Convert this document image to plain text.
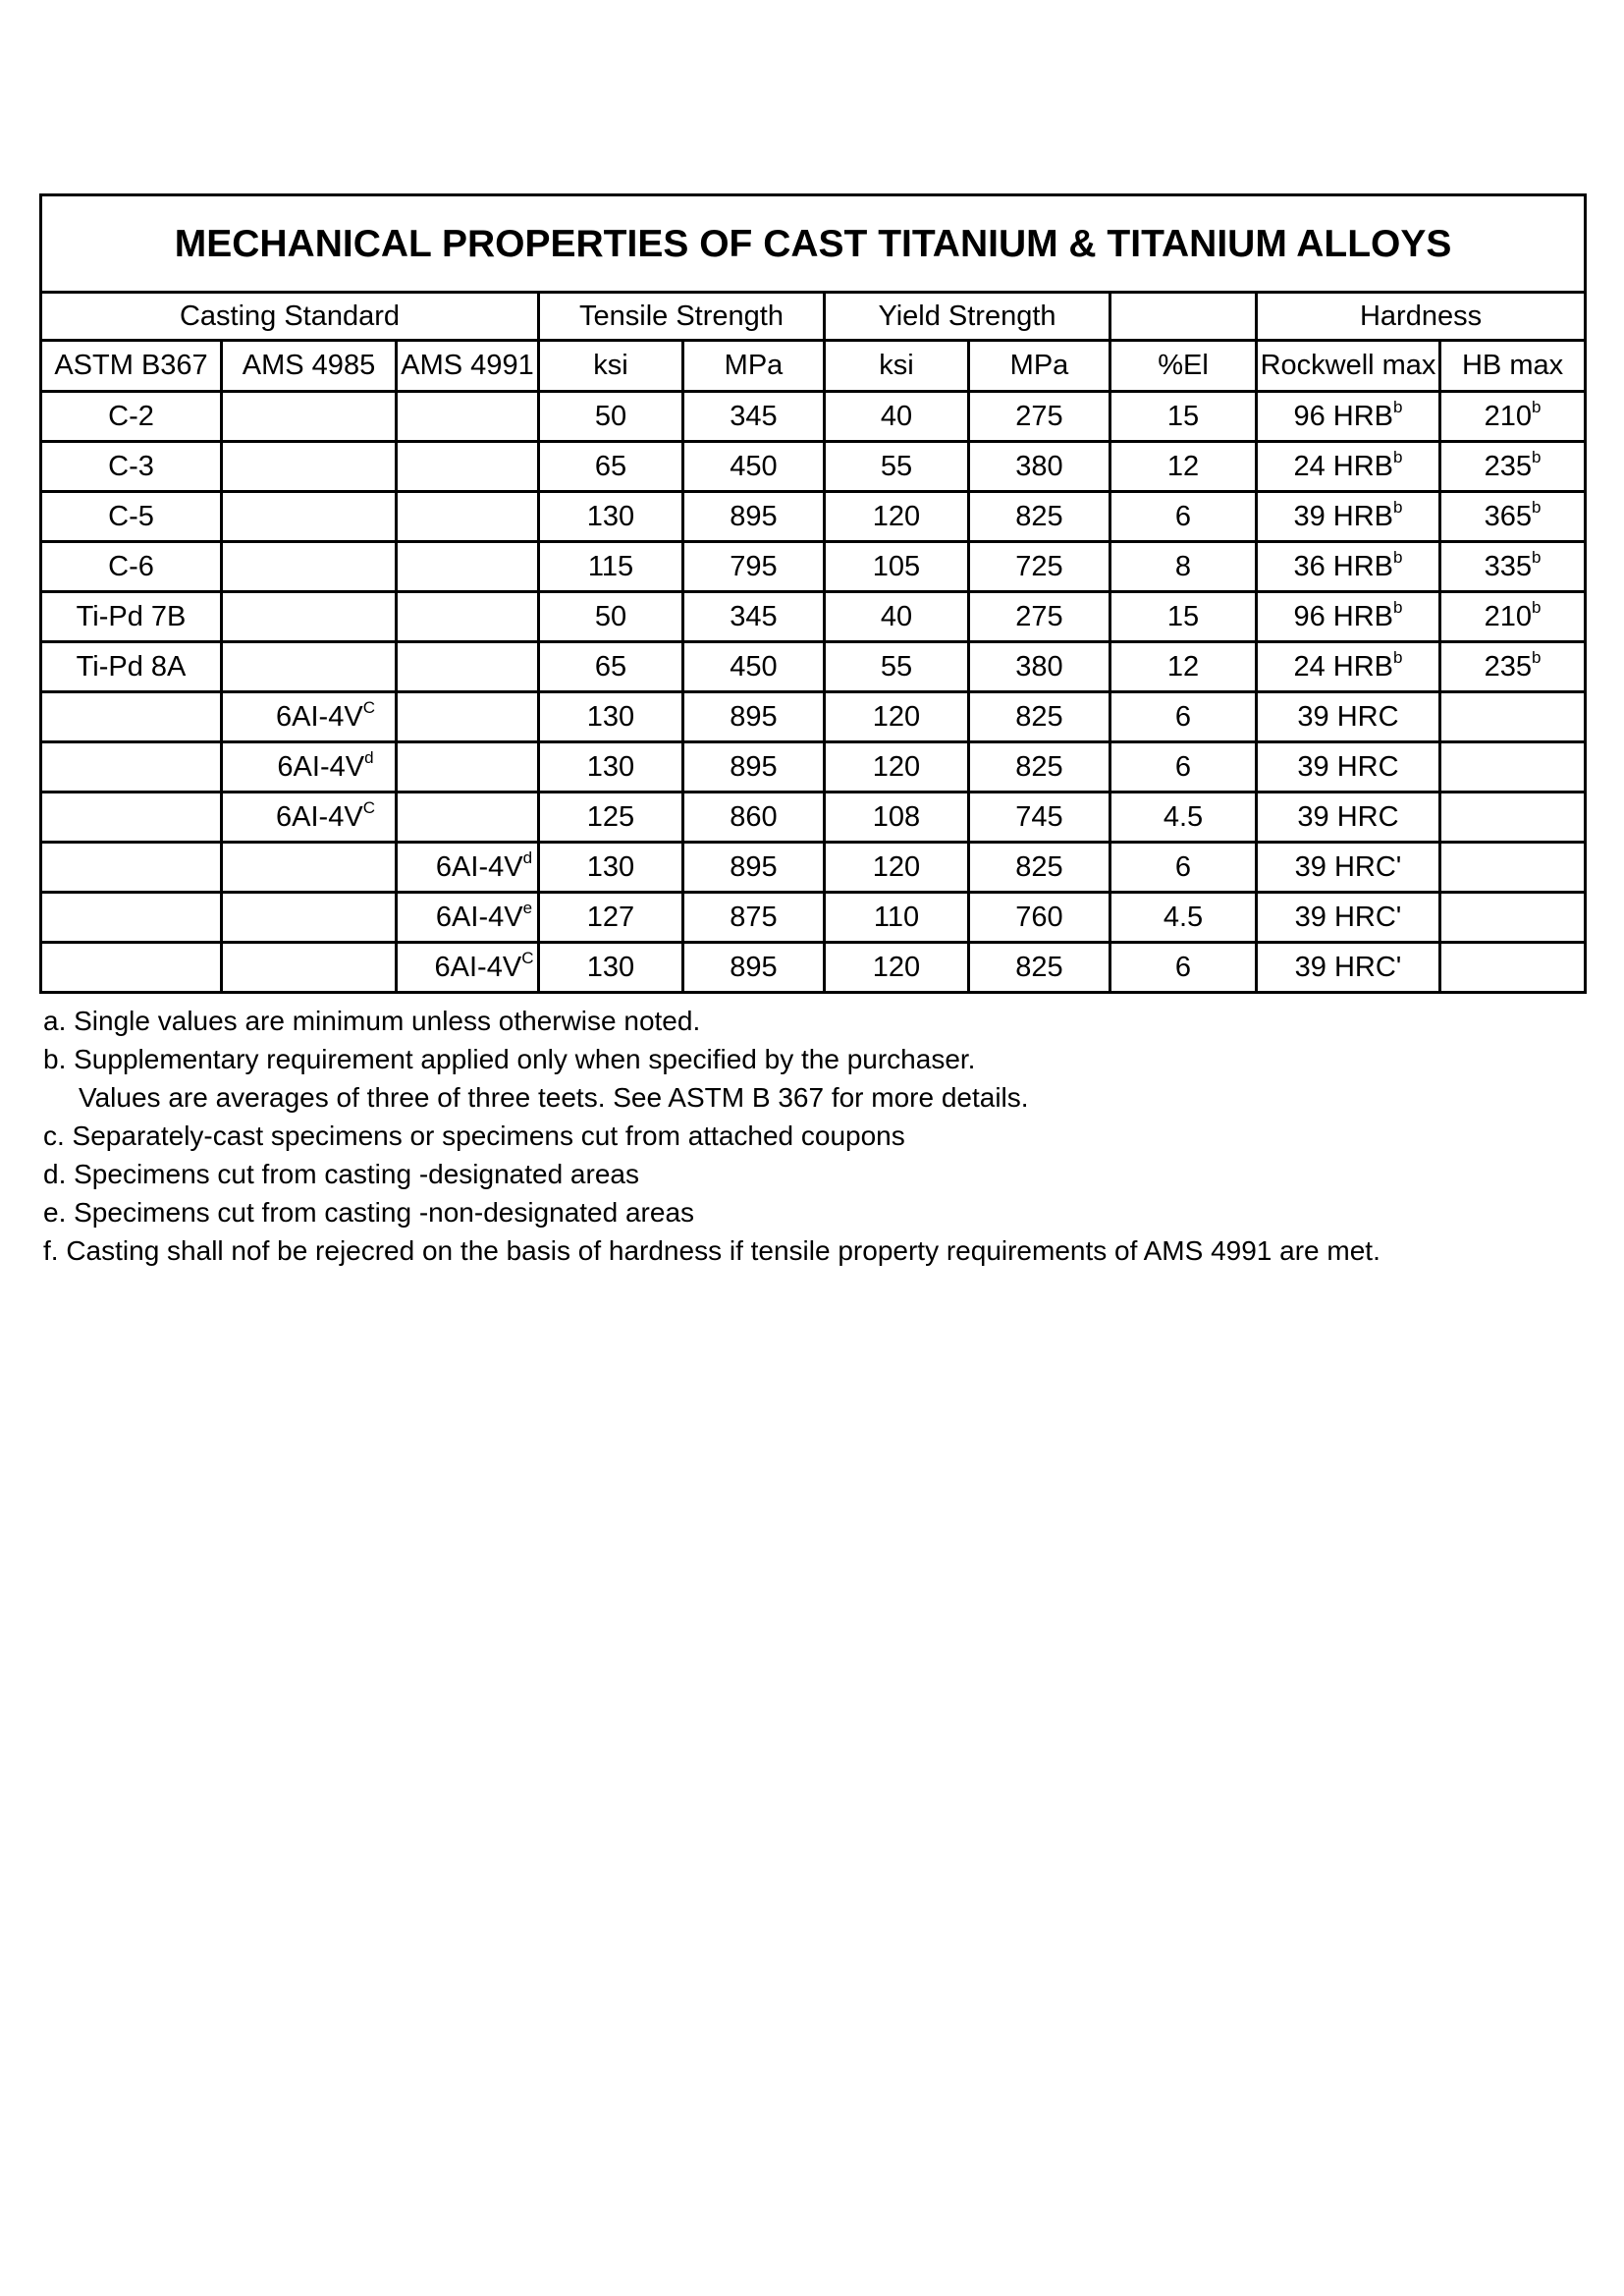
MECHANICAL PROPERTIES OF CAST TITANIUM & TITANIUM ALLOYS									
Casting Standard			Tensile Strength		Yield Strength			Hardness	
ASTM B367	AMS 4985	AMS 4991	ksi	MPa	ksi	MPa	%El	Rockwell max	HB max
C-2			50	345	40	275	15	96 HRB$^b$	210$^b$
C-3			65	450	55	380	12	24 HRB$^b$	235$^b$
C-5			130	895	120	825	6	39 HRB$^b$	365$^b$
C-6			115	795	105	725	8	36 HRB$^b$	335$^b$
Ti-Pd 7B			50	345	40	275	15	96 HRB$^b$	210$^b$
Ti-Pd 8A			65	450	55	380	12	24 HRB$^b$	235$^b$
	$6AI-4V^C$		130	895	120	825	6	39 HRC	
	$6AI-4V^d$		130	895	120	825	6	39 HRC	
	$6AI-4V^C$		125	860	108	745	4.5	39 HRC	
		$6AI-4V^d$	130	895	120	825	6	39 HRC'	
		6AI-4Ve	127	875	110	760	4.5	39 HRC'	
		$6AI-4V^C$	130	895	120	825	6	39 HRC'	
a. Single values are minimum unless otherwise noted.
b. Supplementary requirement applied only when specified by the purchaser.
Values are averages of three of three teets. See ASTM B 367 for more details.
c. Separately-cast specimens or specimens cut from attached coupons
d. Specimens cut from casting -designated areas
e. Specimens cut from casting -non-designated areas
f. Casting shall nof be rejecred on the basis of hardness if tensile property requirements of AMS 4991 are met.
